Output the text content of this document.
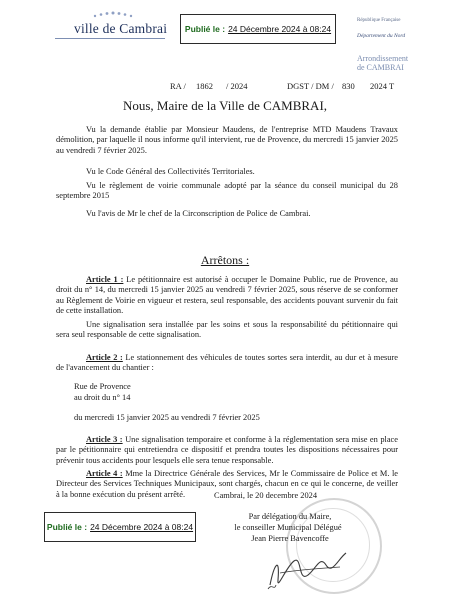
ville de Cambrai Publié le : 24 Décembre 2024 à 08:24
République Française
Département du Nord
Arrondissement
de CAMBRAI
RA / 1862 / 2024	DGST / DM / 830 2024 T
Nous, Maire de la Ville de CAMBRAI,
Vu la demande établie par Monsieur Maudens, de l'entreprise MTD Maudens Travaux démolition, par laquelle il nous informe qu'il intervient, rue de Provence, du mercredi 15 janvier 2025 au vendredi 7 février 2025.
Vu le Code Général des Collectivités Territoriales.
Vu le règlement de voirie communale adopté par la séance du conseil municipal du 28 septembre 2015
Vu l'avis de Mr le chef de la Circonscription de Police de Cambrai.
Arrêtons :
Article 1 : Le pétitionnaire est autorisé à occuper le Domaine Public, rue de Provence, au droit du n° 14, du mercredi 15 janvier 2025 au vendredi 7 février 2025, sous réserve de se conformer au Règlement de Voirie en vigueur et restera, seul responsable, des accidents pouvant survenir du fait de cette installation.
Une signalisation sera installée par les soins et sous la responsabilité du pétitionnaire qui sera seul responsable de cette signalisation.
Article 2 : Le stationnement des véhicules de toutes sortes sera interdit, au dur et à mesure de l'avancement du chantier :
Rue de Provence
au droit du n° 14
du mercredi 15 janvier 2025 au vendredi 7 février 2025
Article 3 : Une signalisation temporaire et conforme à la réglementation sera mise en place par le pétitionnaire qui entretiendra ce dispositif et prendra toutes les dispositions nécessaires pour prévenir tous accidents pour lesquels elle sera tenue responsable.
Article 4 : Mme la Directrice Générale des Services, Mr le Commissaire de Police et M. le Directeur des Services Techniques Municipaux, sont chargés, chacun en ce qui le concerne, de veiller à la bonne exécution du présent arrêté.	Cambrai, le 20 decembre 2024
Par délégation du Maire,
le conseiller Municipal Délégué
Jean Pierre Bavencoffe
Publié le : 24 Décembre 2024 à 08:24
